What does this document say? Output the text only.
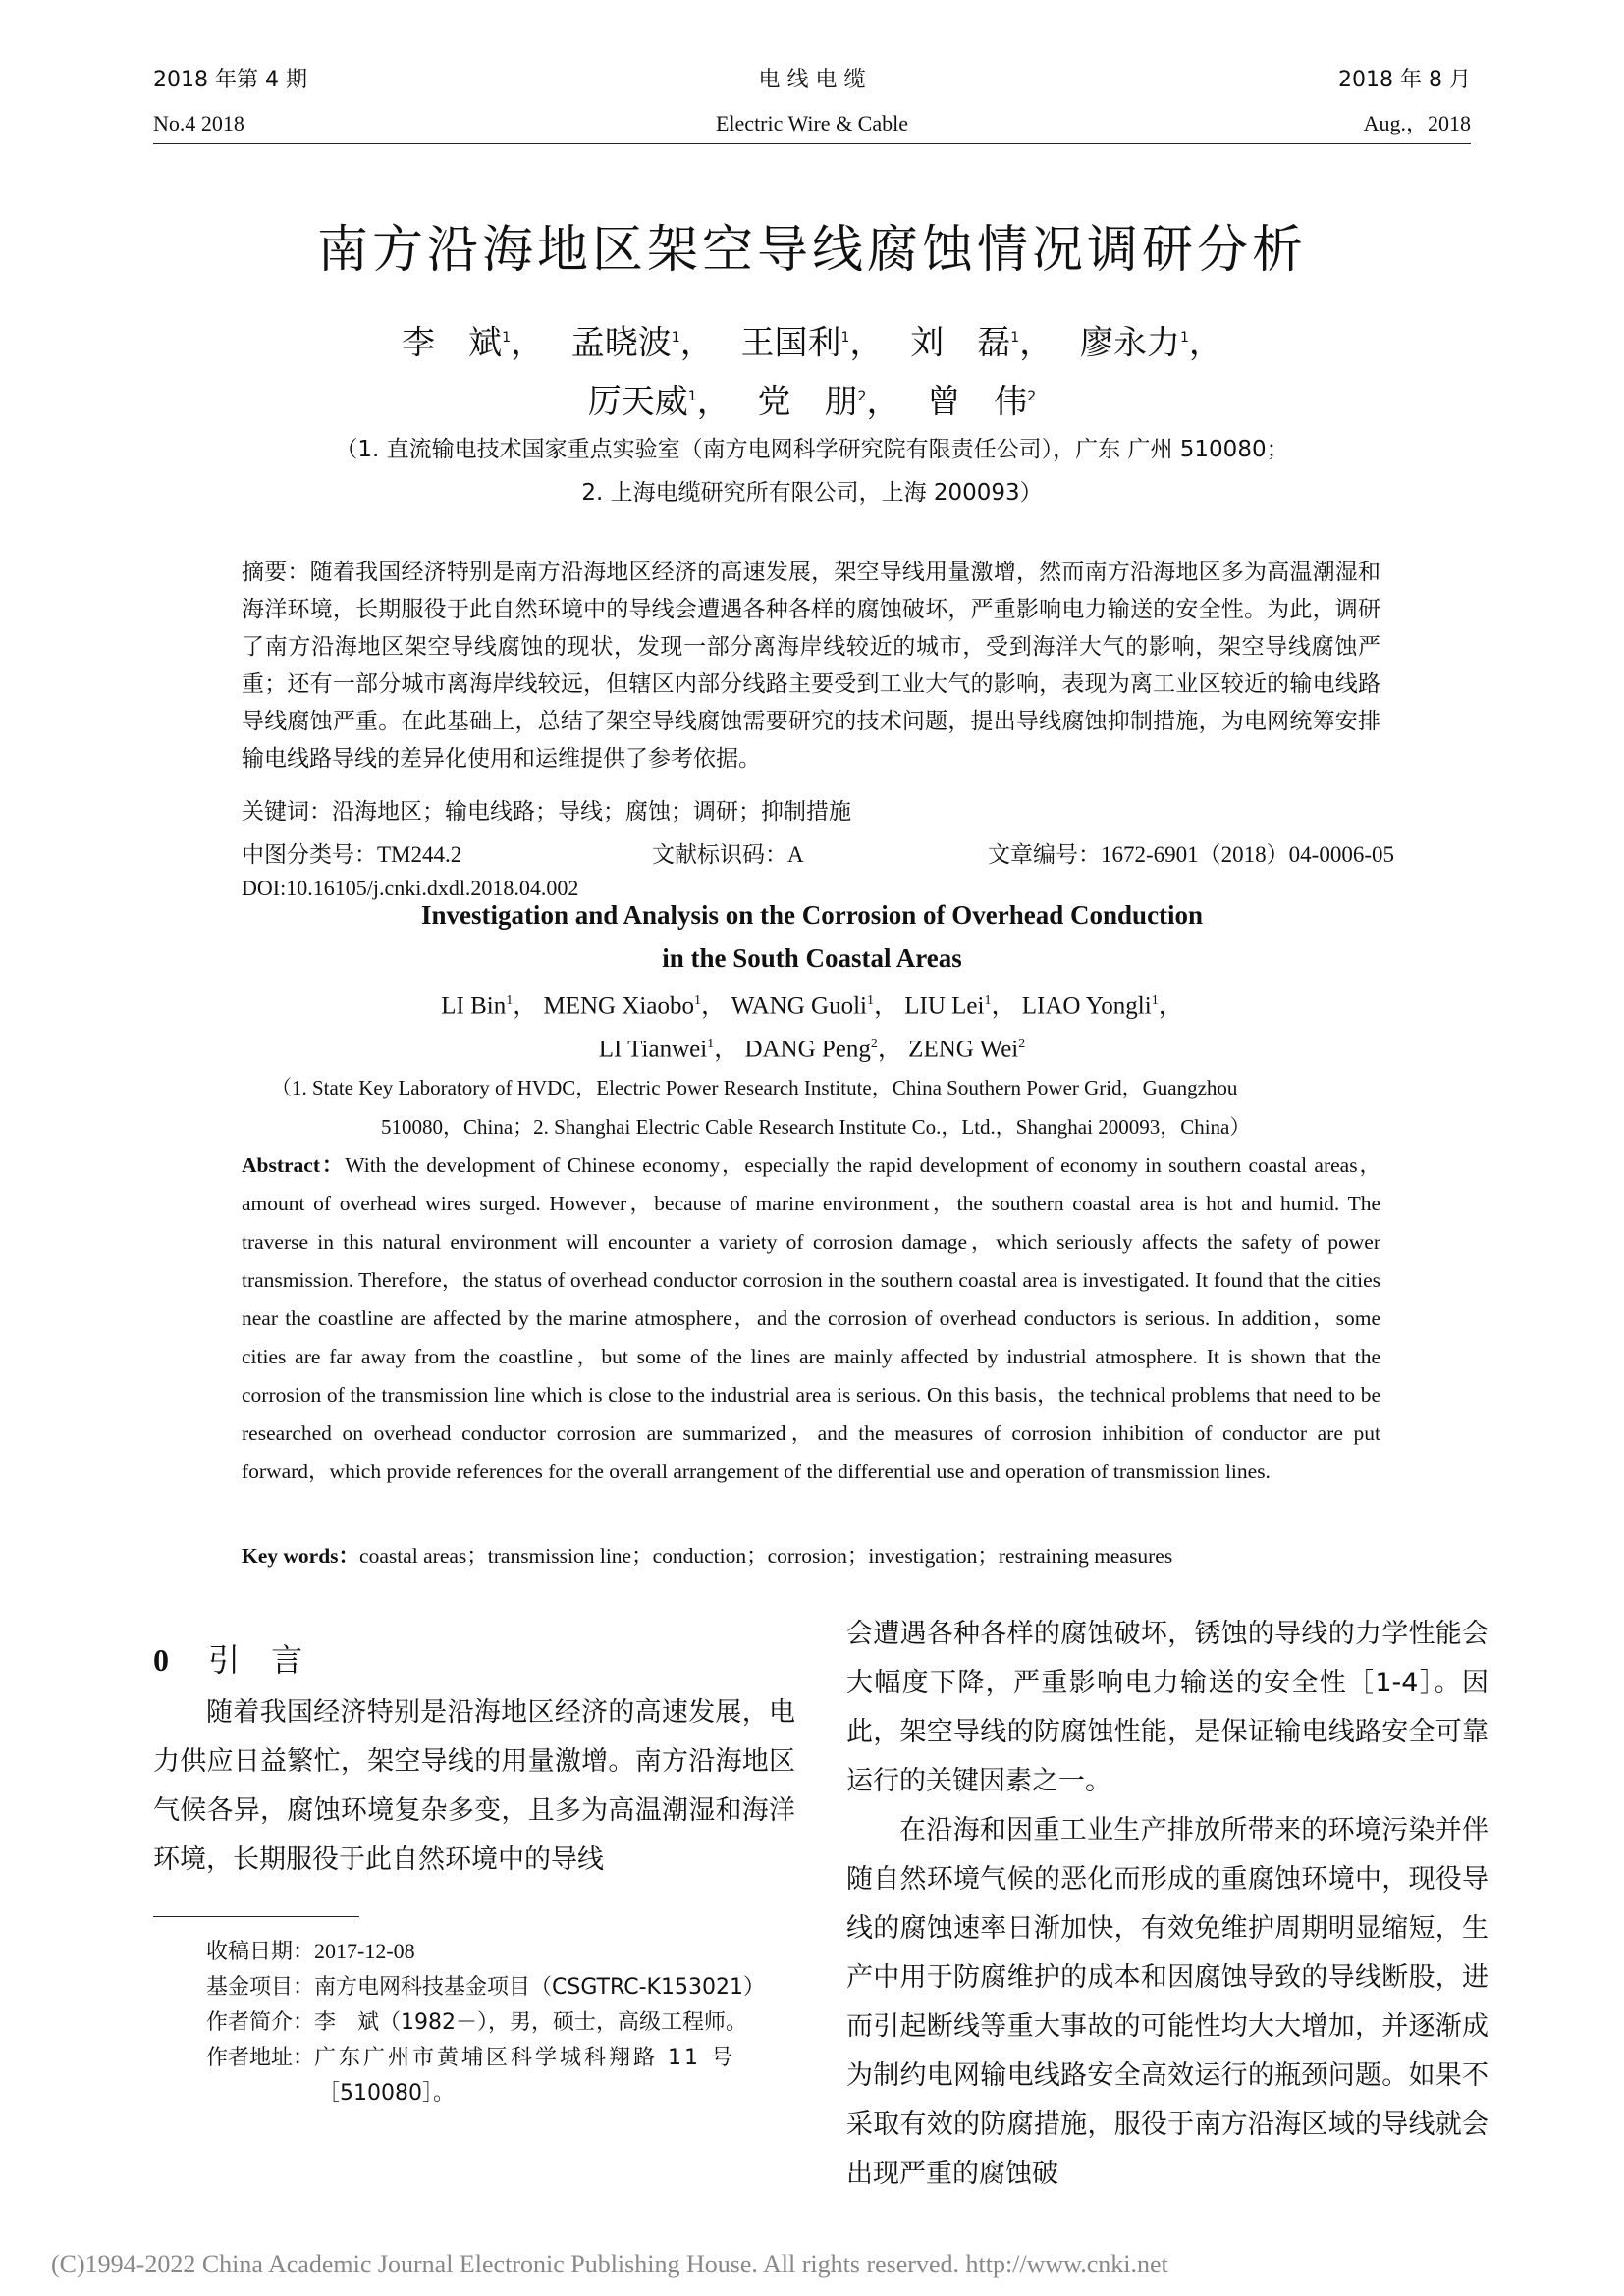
2018 年第 4 期
No.4 2018
电 线 电 缆
Electric Wire & Cable
2018 年 8 月
Aug.，2018
南方沿海地区架空导线腐蚀情况调研分析
李　斌$^1$，　 孟晓波$^1$，　 王国利$^1$，　 刘　磊$^1$，　 廖永力$^1$，
厉天威$^1$，　 党　朋$^2$，　 曾　伟$^2$
（1. 直流输电技术国家重点实验室（南方电网科学研究院有限责任公司），广东 广州 510080；
2. 上海电缆研究所有限公司，上海 200093）
摘要：随着我国经济特别是南方沿海地区经济的高速发展，架空导线用量激增，然而南方沿海地区多为高温潮湿和海洋环境，长期服役于此自然环境中的导线会遭遇各种各样的腐蚀破坏，严重影响电力输送的安全性。为此，调研了南方沿海地区架空导线腐蚀的现状，发现一部分离海岸线较近的城市，受到海洋大气的影响，架空导线腐蚀严重；还有一部分城市离海岸线较远，但辖区内部分线路主要受到工业大气的影响，表现为离工业区较近的输电线路导线腐蚀严重。在此基础上，总结了架空导线腐蚀需要研究的技术问题，提出导线腐蚀抑制措施，为电网统筹安排输电线路导线的差异化使用和运维提供了参考依据。
关键词：沿海地区；输电线路；导线；腐蚀；调研；抑制措施
中图分类号：TM244.2	文献标识码：A	文章编号：1672-6901（2018）04-0006-05
DOI:10.16105/j.cnki.dxdl.2018.04.002
Investigation and Analysis on the Corrosion of Overhead Conduction
in the South Coastal Areas
LI Bin$^1$， MENG Xiaobo$^1$， WANG Guoli$^1$， LIU Lei$^1$， LIAO Yongli$^1$，
LI Tianwei$^1$， DANG Peng$^2$， ZENG Wei$^2$
（1. State Key Laboratory of HVDC，Electric Power Research Institute，China Southern Power Grid，Guangzhou
510080，China；2. Shanghai Electric Cable Research Institute Co.，Ltd.，Shanghai 200093，China）
Abstract：With the development of Chinese economy，especially the rapid development of economy in southern coastal areas，amount of overhead wires surged. However，because of marine environment，the southern coastal area is hot and humid. The traverse in this natural environment will encounter a variety of corrosion damage，which seriously affects the safety of power transmission. Therefore，the status of overhead conductor corrosion in the southern coastal area is investigated. It found that the cities near the coastline are affected by the marine atmosphere，and the corrosion of overhead conductors is serious. In addition，some cities are far away from the coastline，but some of the lines are mainly affected by industrial atmosphere. It is shown that the corrosion of the transmission line which is close to the industrial area is serious. On this basis，the technical problems that need to be researched on overhead conductor corrosion are summarized，and the measures of corrosion inhibition of conductor are put forward，which provide references for the overall arrangement of the differential use and operation of transmission lines.
Key words：coastal areas；transmission line；conduction；corrosion；investigation；restraining measures
0 引　言
随着我国经济特别是沿海地区经济的高速发展，电力供应日益繁忙，架空导线的用量激增。南方沿海地区气候各异，腐蚀环境复杂多变，且多为高温潮湿和海洋环境，长期服役于此自然环境中的导线
收稿日期：2017-12-08
基金项目：南方电网科技基金项目（CSGTRC-K153021）
作者简介：李　斌（1982－），男，硕士，高级工程师。
作者地址：广东广州市黄埔区科学城科翔路 11 号
［510080］。
会遭遇各种各样的腐蚀破坏，锈蚀的导线的力学性能会大幅度下降，严重影响电力输送的安全性［1-4］。因此，架空导线的防腐蚀性能，是保证输电线路安全可靠运行的关键因素之一。
在沿海和因重工业生产排放所带来的环境污染并伴随自然环境气候的恶化而形成的重腐蚀环境中，现役导线的腐蚀速率日渐加快，有效免维护周期明显缩短，生产中用于防腐维护的成本和因腐蚀导致的导线断股，进而引起断线等重大事故的可能性均大大增加，并逐渐成为制约电网输电线路安全高效运行的瓶颈问题。如果不采取有效的防腐措施，服役于南方沿海区域的导线就会出现严重的腐蚀破
(C)1994-2022 China Academic Journal Electronic Publishing House. All rights reserved. http://www.cnki.net
